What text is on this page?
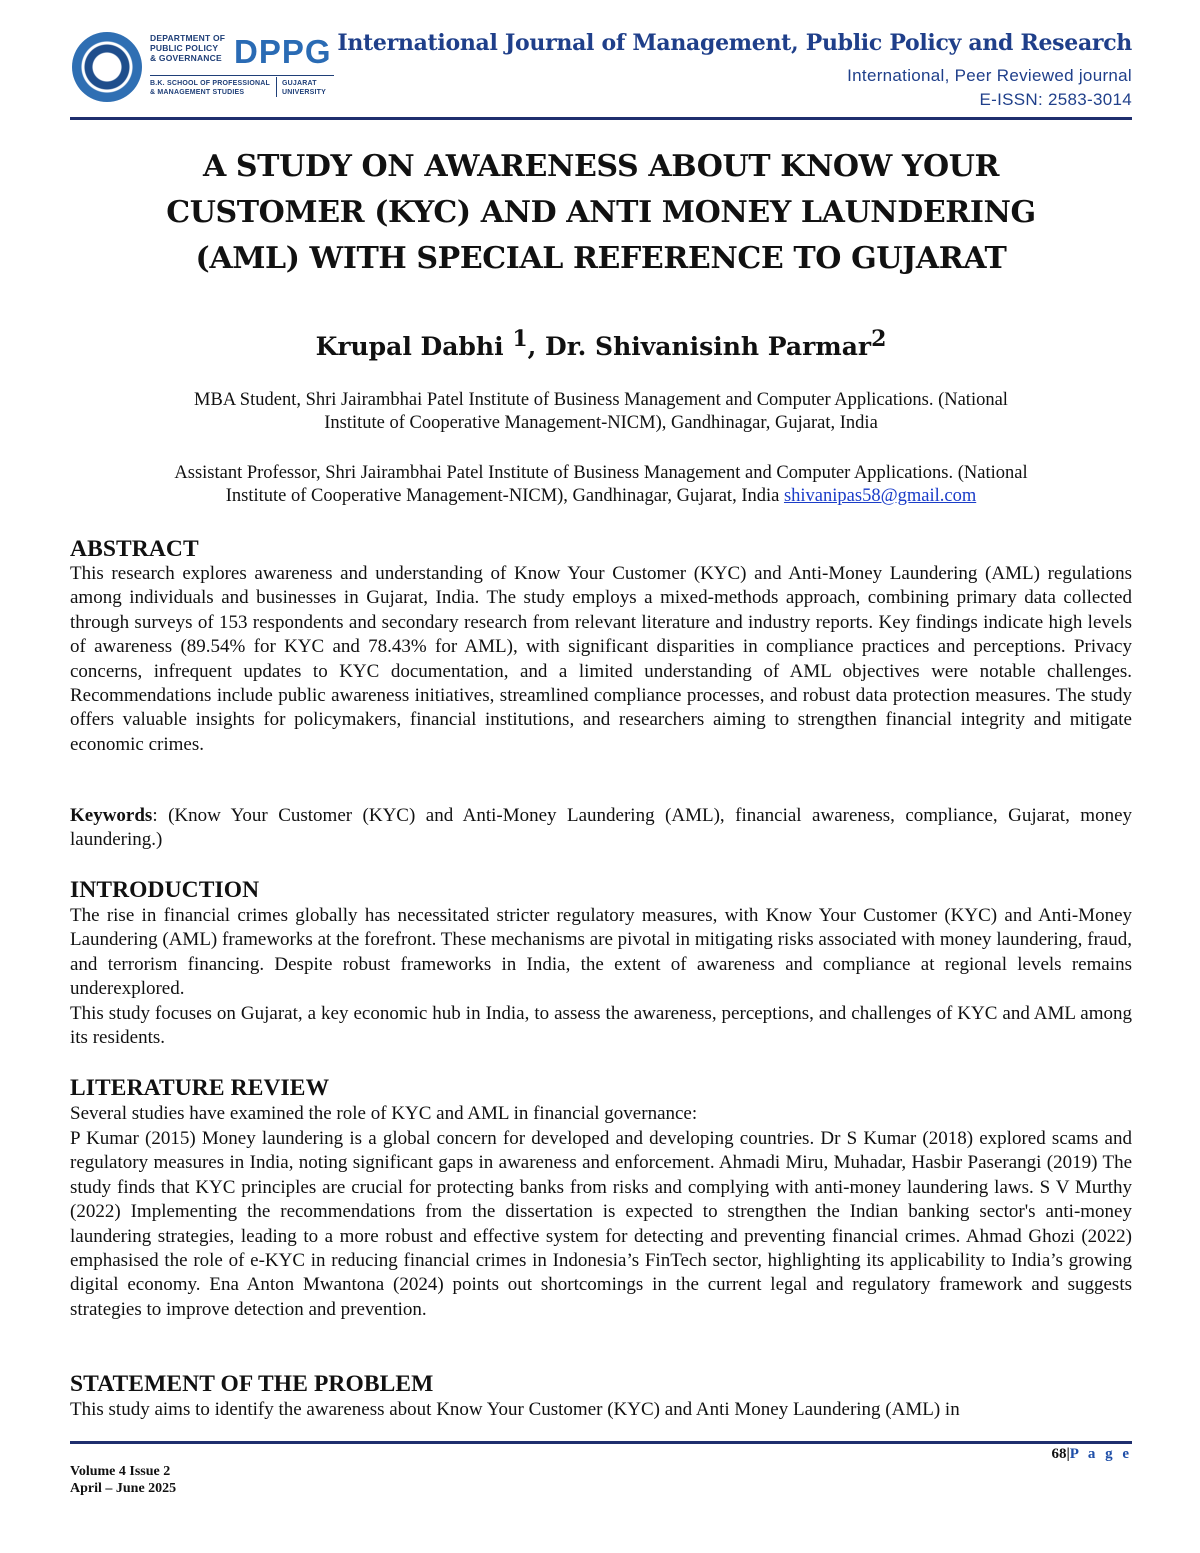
DEPARTMENT OF
PUBLIC POLICY
& GOVERNANCE DPPG
B.K. SCHOOL OF PROFESSIONAL
& MANAGEMENT STUDIES
GUJARAT
UNIVERSITY
International Journal of Management, Public Policy and Research
International, Peer Reviewed journal
E-ISSN: 2583-3014
A STUDY ON AWARENESS ABOUT KNOW YOUR
CUSTOMER (KYC) AND ANTI MONEY LAUNDERING
(AML) WITH SPECIAL REFERENCE TO GUJARAT
Krupal Dabhi $^1$, Dr. Shivanisinh Parmar$^2$
MBA Student, Shri Jairambhai Patel Institute of Business Management and Computer Applications. (National
Institute of Cooperative Management-NICM), Gandhinagar, Gujarat, India
Assistant Professor, Shri Jairambhai Patel Institute of Business Management and Computer Applications. (National
Institute of Cooperative Management-NICM), Gandhinagar, Gujarat, India shivanipas58@gmail.com
ABSTRACT
This research explores awareness and understanding of Know Your Customer (KYC) and Anti-Money Laundering (AML) regulations among individuals and businesses in Gujarat, India. The study employs a mixed-methods approach, combining primary data collected through surveys of 153 respondents and secondary research from relevant literature and industry reports. Key findings indicate high levels of awareness (89.54% for KYC and 78.43% for AML), with significant disparities in compliance practices and perceptions. Privacy concerns, infrequent updates to KYC documentation, and a limited understanding of AML objectives were notable challenges. Recommendations include public awareness initiatives, streamlined compliance processes, and robust data protection measures. The study offers valuable insights for policymakers, financial institutions, and researchers aiming to strengthen financial integrity and mitigate economic crimes.
Keywords: (Know Your Customer (KYC) and Anti-Money Laundering (AML), financial awareness, compliance, Gujarat, money laundering.)
INTRODUCTION
The rise in financial crimes globally has necessitated stricter regulatory measures, with Know Your Customer (KYC) and Anti-Money Laundering (AML) frameworks at the forefront. These mechanisms are pivotal in mitigating risks associated with money laundering, fraud, and terrorism financing. Despite robust frameworks in India, the extent of awareness and compliance at regional levels remains underexplored.
This study focuses on Gujarat, a key economic hub in India, to assess the awareness, perceptions, and challenges of KYC and AML among its residents.
LITERATURE REVIEW
Several studies have examined the role of KYC and AML in financial governance:
P Kumar (2015) Money laundering is a global concern for developed and developing countries. Dr S Kumar (2018) explored scams and regulatory measures in India, noting significant gaps in awareness and enforcement. Ahmadi Miru, Muhadar, Hasbir Paserangi (2019) The study finds that KYC principles are crucial for protecting banks from risks and complying with anti-money laundering laws. S V Murthy (2022) Implementing the recommendations from the dissertation is expected to strengthen the Indian banking sector's anti-money laundering strategies, leading to a more robust and effective system for detecting and preventing financial crimes. Ahmad Ghozi (2022) emphasised the role of e-KYC in reducing financial crimes in Indonesia’s FinTech sector, highlighting its applicability to India’s growing digital economy. Ena Anton Mwantona (2024) points out shortcomings in the current legal and regulatory framework and suggests strategies to improve detection and prevention.
STATEMENT OF THE PROBLEM
This study aims to identify the awareness about Know Your Customer (KYC) and Anti Money Laundering (AML) in
68|P a g e
Volume 4 Issue 2
April – June 2025
